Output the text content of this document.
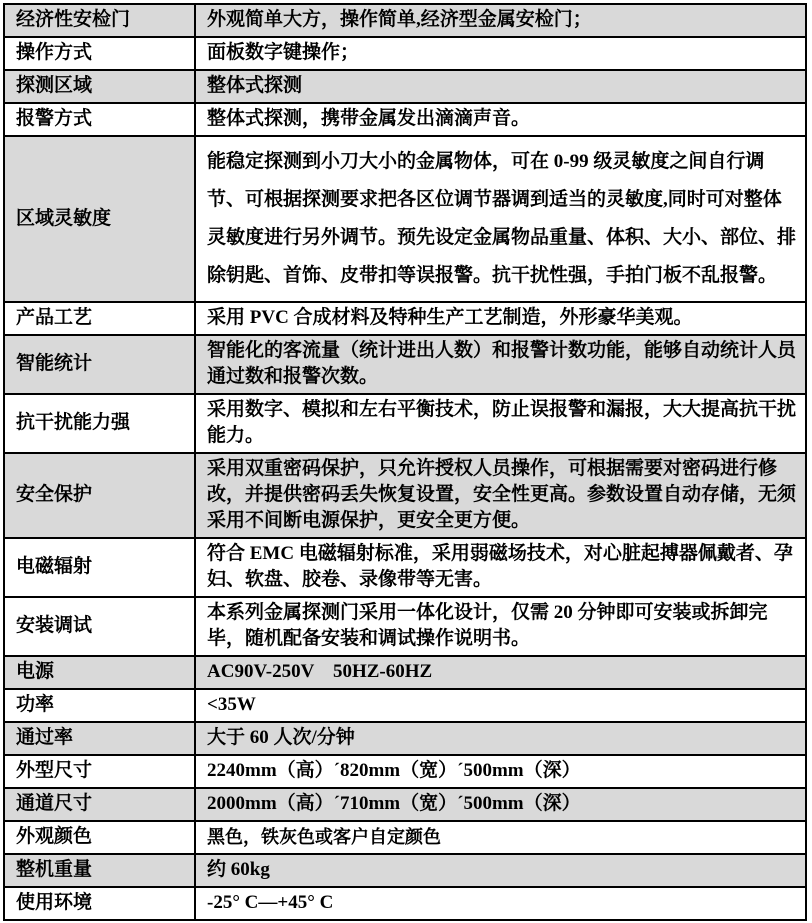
经济性安检门	外观简单大方，操作简单,经济型金属安检门；
操作方式	面板数字键操作；
探测区域	整体式探测
报警方式	整体式探测，携带金属发出滴滴声音。
区域灵敏度	能稳定探测到小刀大小的金属物体，可在 0-99 级灵敏度之间自行调节、可根据探测要求把各区位调节器调到适当的灵敏度,同时可对整体灵敏度进行另外调节。预先设定金属物品重量、体积、大小、部位、排除钥匙、首饰、皮带扣等误报警。抗干扰性强，手拍门板不乱报警。
产品工艺	采用 PVC 合成材料及特种生产工艺制造，外形豪华美观。
智能统计	智能化的客流量（统计进出人数）和报警计数功能，能够自动统计人员通过数和报警次数。
抗干扰能力强	采用数字、模拟和左右平衡技术，防止误报警和漏报，大大提高抗干扰能力。
安全保护	采用双重密码保护，只允许授权人员操作，可根据需要对密码进行修改，并提供密码丢失恢复设置，安全性更高。参数设置自动存储，无须采用不间断电源保护，更安全更方便。
电磁辐射	符合 EMC 电磁辐射标准，采用弱磁场技术，对心脏起搏器佩戴者、孕妇、软盘、胶卷、录像带等无害。
安装调试	本系列金属探测门采用一体化设计，仅需 20 分钟即可安装或拆卸完毕，随机配备安装和调试操作说明书。
电源	AC90V-250V    50HZ-60HZ
功率	<35W
通过率	大于 60 人次/分钟
外型尺寸	2240mm（高）´820mm（宽）´500mm（深）
通道尺寸	2000mm（高）´710mm（宽）´500mm（深）
外观颜色	黑色，铁灰色或客户自定颜色
整机重量	约 60kg
使用环境	-25° C—+45° C
